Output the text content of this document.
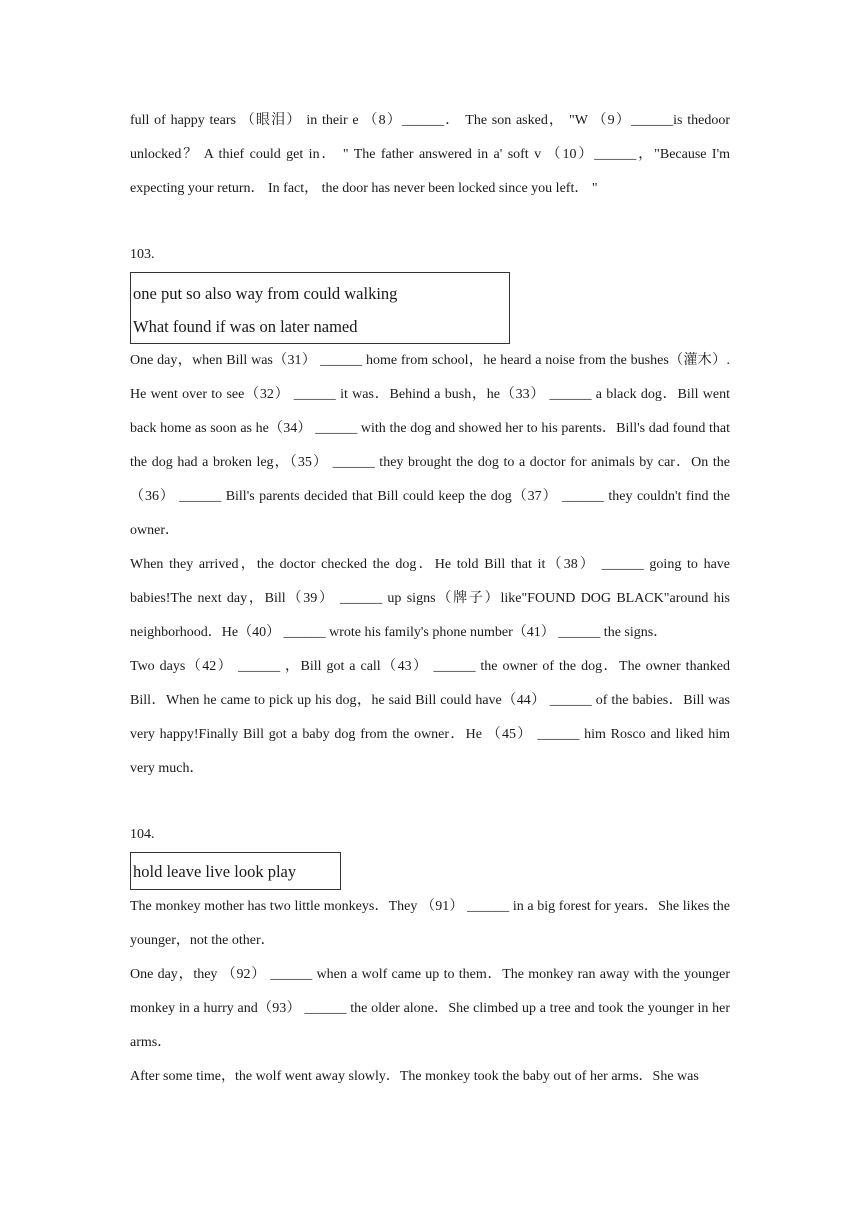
full of happy tears （眼泪） in their e （8）______． The son asked， "W （9）______is thedoor unlocked？ A thief could get in． " The father answered in a' soft v （10）______，"Because I'm expecting your return． In fact， the door has never been locked since you left． "

103.

one put so also way from could walking
What found if was on later named

One day，when Bill was（31） ______ home from school，he heard a noise from the bushes（灌木）. He went over to see（32） ______ it was．Behind a bush，he（33） ______ a black dog．Bill went back home as soon as he（34） ______ with the dog and showed her to his parents．Bill's dad found that the dog had a broken leg，（35） ______ they brought the dog to a doctor for animals by car．On the（36） ______ Bill's parents decided that Bill could keep the dog（37） ______ they couldn't find the owner．

When they arrived，the doctor checked the dog．He told Bill that it（38） ______ going to have babies!The next day，Bill（39） ______ up signs（牌子）like"FOUND DOG BLACK"around his neighborhood．He（40） ______ wrote his family's phone number（41） ______ the signs．

Two days（42） ______ ，Bill got a call（43） ______ the owner of the dog．The owner thanked Bill．When he came to pick up his dog，he said Bill could have（44） ______ of the babies．Bill was very happy!Finally Bill got a baby dog from the owner．He （45） ______ him Rosco and liked him very much．

104.

hold leave live look play

The monkey mother has two little monkeys．They （91） ______ in a big forest for years．She likes the younger，not the other．

One day，they （92） ______ when a wolf came up to them．The monkey ran away with the younger monkey in a hurry and（93） ______ the older alone．She climbed up a tree and took the younger in her arms．

After some time，the wolf went away slowly．The monkey took the baby out of her arms．She was
